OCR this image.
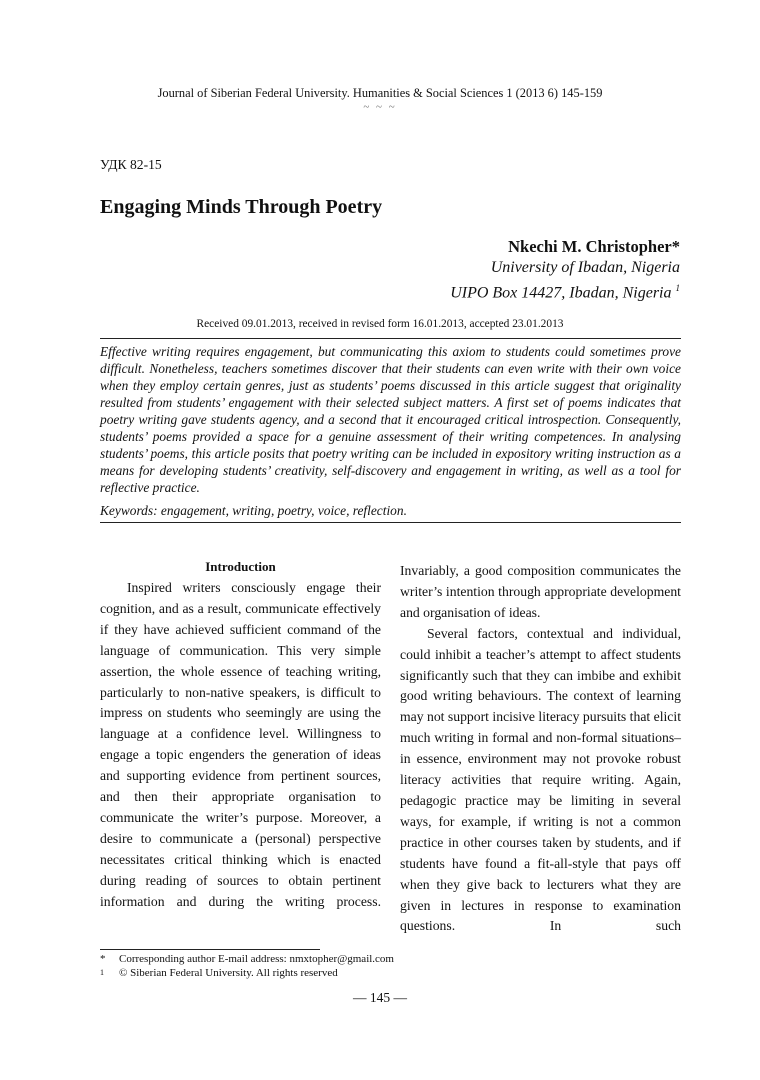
Journal of Siberian Federal University. Humanities & Social Sciences 1 (2013 6) 145-159
~ ~ ~
УДК 82-15
Engaging Minds Through Poetry
Nkechi M. Christopher*
University of Ibadan, Nigeria
UIPO Box 14427, Ibadan, Nigeria $^1$
Received 09.01.2013, received in revised form 16.01.2013, accepted 23.01.2013
Effective writing requires engagement, but communicating this axiom to students could sometimes prove difficult. Nonetheless, teachers sometimes discover that their students can even write with their own voice when they employ certain genres, just as students’ poems discussed in this article suggest that originality resulted from students’ engagement with their selected subject matters. A first set of poems indicates that poetry writing gave students agency, and a second that it encouraged critical introspection. Consequently, students’ poems provided a space for a genuine assessment of their writing competences. In analysing students’ poems, this article posits that poetry writing can be included in expository writing instruction as a means for developing students’ creativity, self-discovery and engagement in writing, as well as a tool for reflective practice.
Keywords: engagement, writing, poetry, voice, reflection.
Introduction

Inspired writers consciously engage their cognition, and as a result, communicate effectively if they have achieved sufficient command of the language of communication. This very simple assertion, the whole essence of teaching writing, particularly to non-native speakers, is difficult to impress on students who seemingly are using the language at a confidence level. Willingness to engage a topic engenders the generation of ideas and supporting evidence from pertinent sources, and then their appropriate organisation to communicate the writer’s purpose. Moreover, a desire to communicate a (personal) perspective necessitates critical thinking which is enacted during reading of sources to obtain pertinent information and during the writing process.

Invariably, a good composition communicates the writer’s intention through appropriate development and organisation of ideas.

Several factors, contextual and individual, could inhibit a teacher’s attempt to affect students significantly such that they can imbibe and exhibit good writing behaviours. The context of learning may not support incisive literacy pursuits that elicit much writing in formal and non-formal situations– in essence, environment may not provoke robust literacy activities that require writing. Again, pedagogic practice may be limiting in several ways, for example, if writing is not a common practice in other courses taken by students, and if students have found a fit-all-style that pays off when they give back to lecturers what they are given in lectures in response to examination questions. In such

* Corresponding author E-mail address: nmxtopher@gmail.com
1 © Siberian Federal University. All rights reserved
— 145 —
